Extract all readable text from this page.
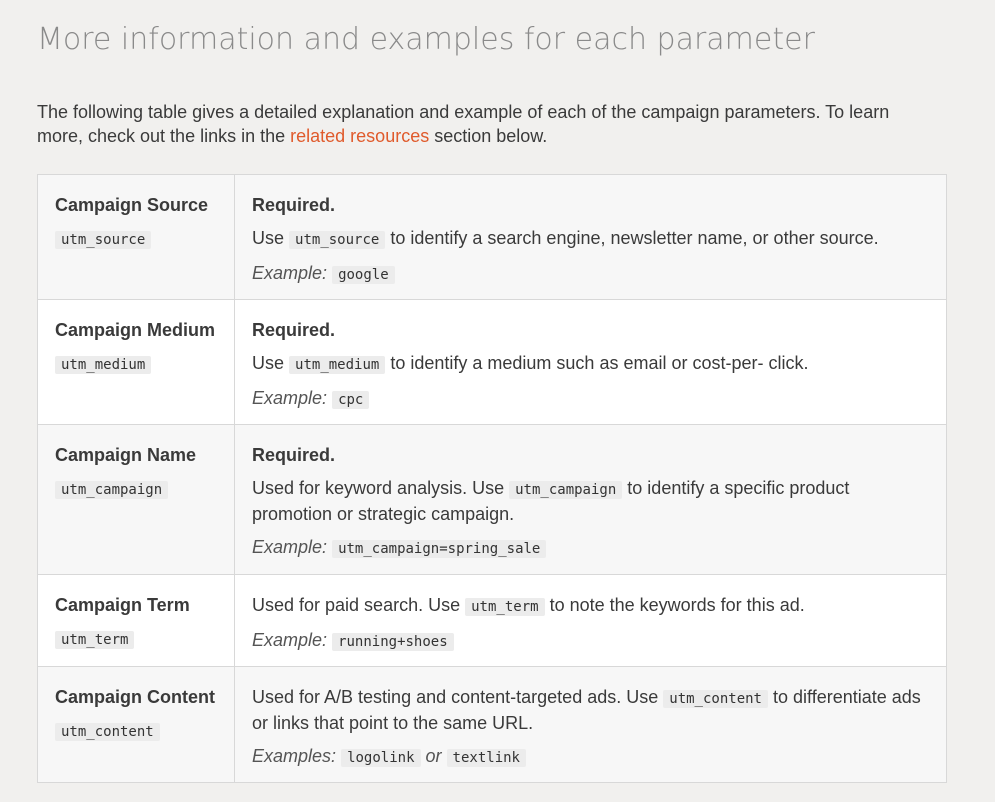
More information and examples for each parameter

The following table gives a detailed explanation and example of each of the campaign parameters. To learn more, check out the links in the related resources section below.

Campaign Source
utm_source	Required.
Use utm_source to identify a search engine, newsletter name, or other source.
Example: google

Campaign Medium
utm_medium	Required.
Use utm_medium to identify a medium such as email or cost-per- click.
Example: cpc

Campaign Name
utm_campaign	Required.
Used for keyword analysis. Use utm_campaign to identify a specific product promotion or strategic campaign.
Example: utm_campaign=spring_sale

Campaign Term
utm_term	Used for paid search. Use utm_term to note the keywords for this ad.
Example: running+shoes

Campaign Content
utm_content	Used for A/B testing and content-targeted ads. Use utm_content to differentiate ads or links that point to the same URL.
Examples: logolink or textlink
